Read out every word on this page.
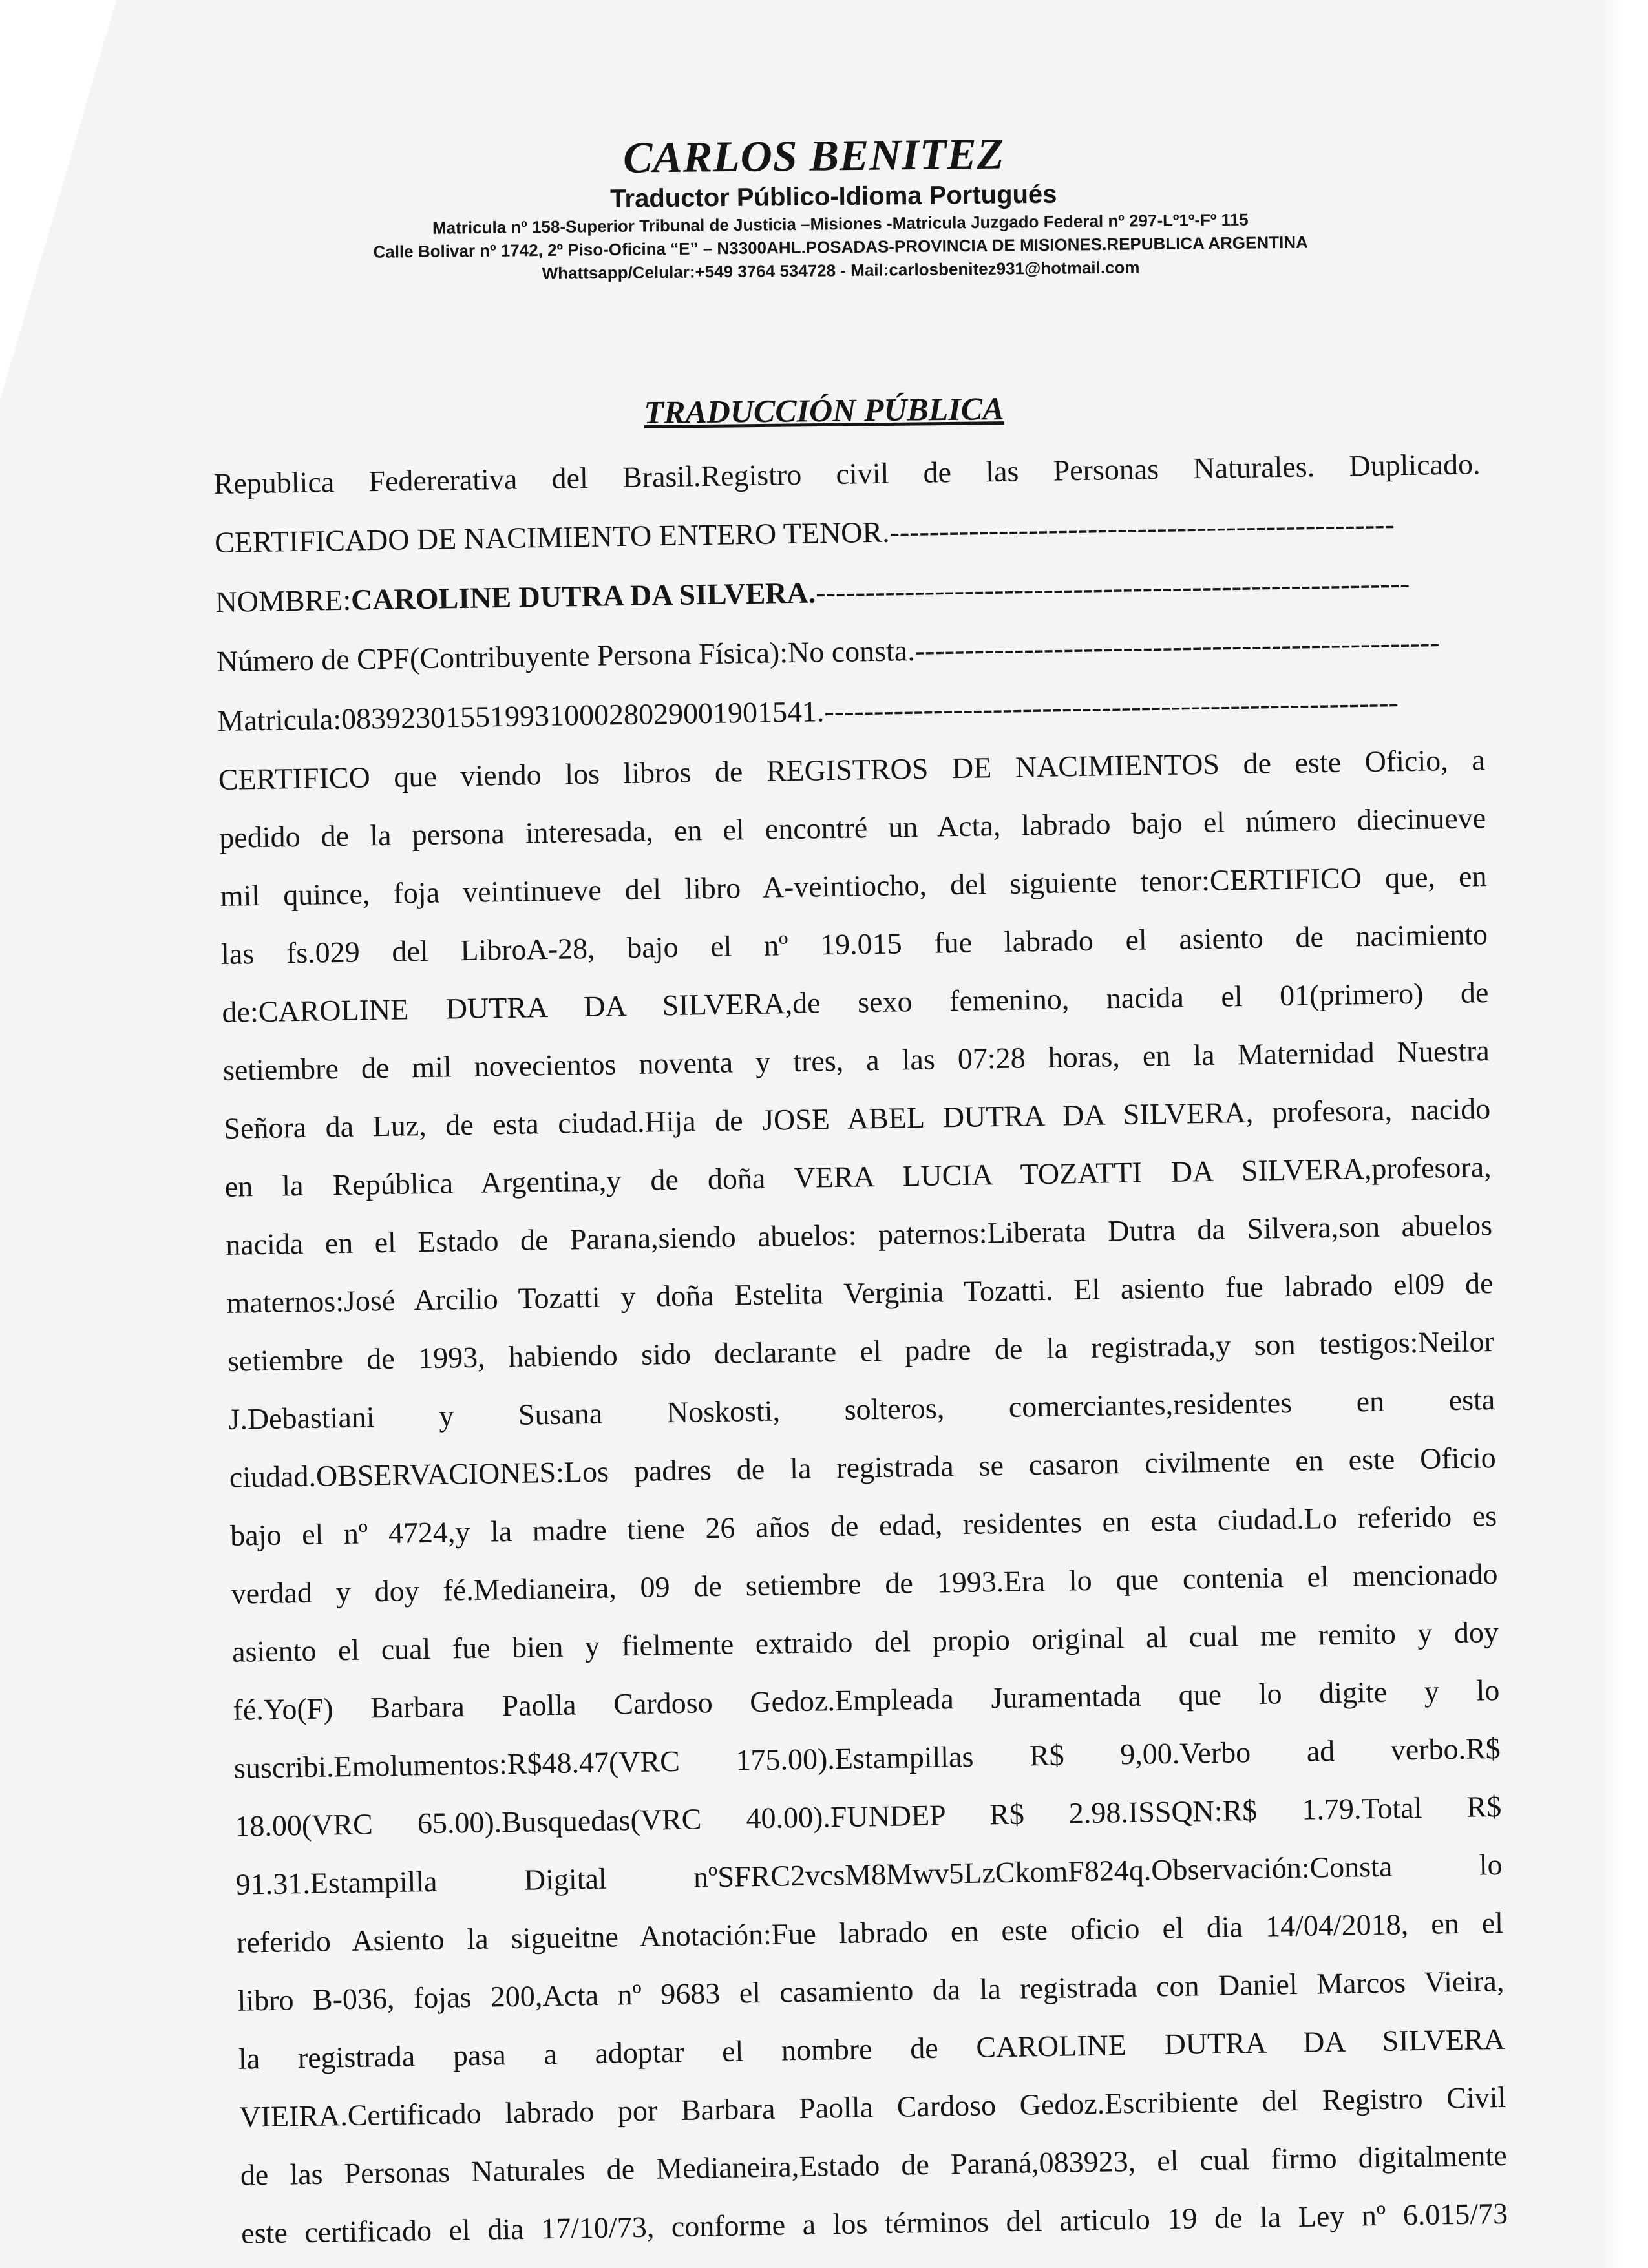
CARLOS BENITEZ
Traductor Público-Idioma Portugués
Matricula nº 158-Superior Tribunal de Justicia –Misiones -Matricula Juzgado Federal nº 297-Lº1º-Fº 115
Calle Bolivar nº 1742, 2º Piso-Oficina “E” – N3300AHL.POSADAS-PROVINCIA DE MISIONES.REPUBLICA ARGENTINA
Whattsapp/Celular:+549 3764 534728 - Mail:carlosbenitez931@hotmail.com
TRADUCCIÓN PÚBLICA
Republica Federerativa del Brasil.Registro civil de las Personas Naturales. Duplicado.
CERTIFICADO DE NACIMIENTO ENTERO TENOR.---------------------------------------------------
NOMBRE:CAROLINE DUTRA DA SILVERA.------------------------------------------------------------
Número de CPF(Contribuyente Persona Física):No consta.-----------------------------------------------------
Matricula:083923015519931000280290019015​41.----------------------------------------------------------
CERTIFICO que viendo los libros de REGISTROS DE NACIMIENTOS de este Oficio, a
pedido de la persona interesada, en el encontré un Acta, labrado bajo el número diecinueve
mil quince, foja veintinueve del libro A-veintiocho, del siguiente tenor:CERTIFICO que, en
las fs.029 del LibroA-28, bajo el nº 19.015 fue labrado el asiento de nacimiento
de:CAROLINE DUTRA DA SILVERA,de sexo femenino, nacida el 01(primero) de
setiembre de mil novecientos noventa y tres, a las 07:28 horas, en la Maternidad Nuestra
Señora da Luz, de esta ciudad.Hija de JOSE ABEL DUTRA DA SILVERA, profesora, nacido
en la República Argentina,y de doña VERA LUCIA TOZATTI DA SILVERA,profesora,
nacida en el Estado de Parana,siendo abuelos: paternos:Liberata Dutra da Silvera,son abuelos
maternos:José Arcilio Tozatti y doña Estelita Verginia Tozatti. El asiento fue labrado el09 de
setiembre de 1993, habiendo sido declarante el padre de la registrada,y son testigos:Neilor
J.Debastiani y Susana Noskosti, solteros, comerciantes,residentes en esta
ciudad.OBSERVACIONES:Los padres de la registrada se casaron civilmente en este Oficio
bajo el nº 4724,y la madre tiene 26 años de edad, residentes en esta ciudad.Lo referido es
verdad y doy fé.Medianeira, 09 de setiembre de 1993.Era lo que contenia el mencionado
asiento el cual fue bien y fielmente extraido del propio original al cual me remito y doy
fé.Yo(F) Barbara Paolla Cardoso Gedoz.Empleada Juramentada que lo digite y lo
suscribi.Emolumentos:R$48.47(VRC 175.00).Estampillas R$ 9,00.Verbo ad verbo.R$
18.00(VRC 65.00).Busquedas(VRC 40.00).FUNDEP R$ 2.98.ISSQN:R$ 1.79.Total R$
91.31.Estampilla Digital nºSFRC2vcsM8Mwv5LzCkomF824q.Observación:Consta lo
referido Asiento la sigueitne Anotación:Fue labrado en este oficio el dia 14/04/2018, en el
libro B-036, fojas 200,Acta nº 9683 el casamiento da la registrada con Daniel Marcos Vieira,
la registrada pasa a adoptar el nombre de CAROLINE DUTRA DA SILVERA
VIEIRA.Certificado labrado por Barbara Paolla Cardoso Gedoz.Escribiente del Registro Civil
de las Personas Naturales de Medianeira,Estado de Paraná,083923, el cual firmo digitalmente
este certificado el dia 17/10/73, conforme a los términos del articulo 19 de la Ley nº 6.015/73
